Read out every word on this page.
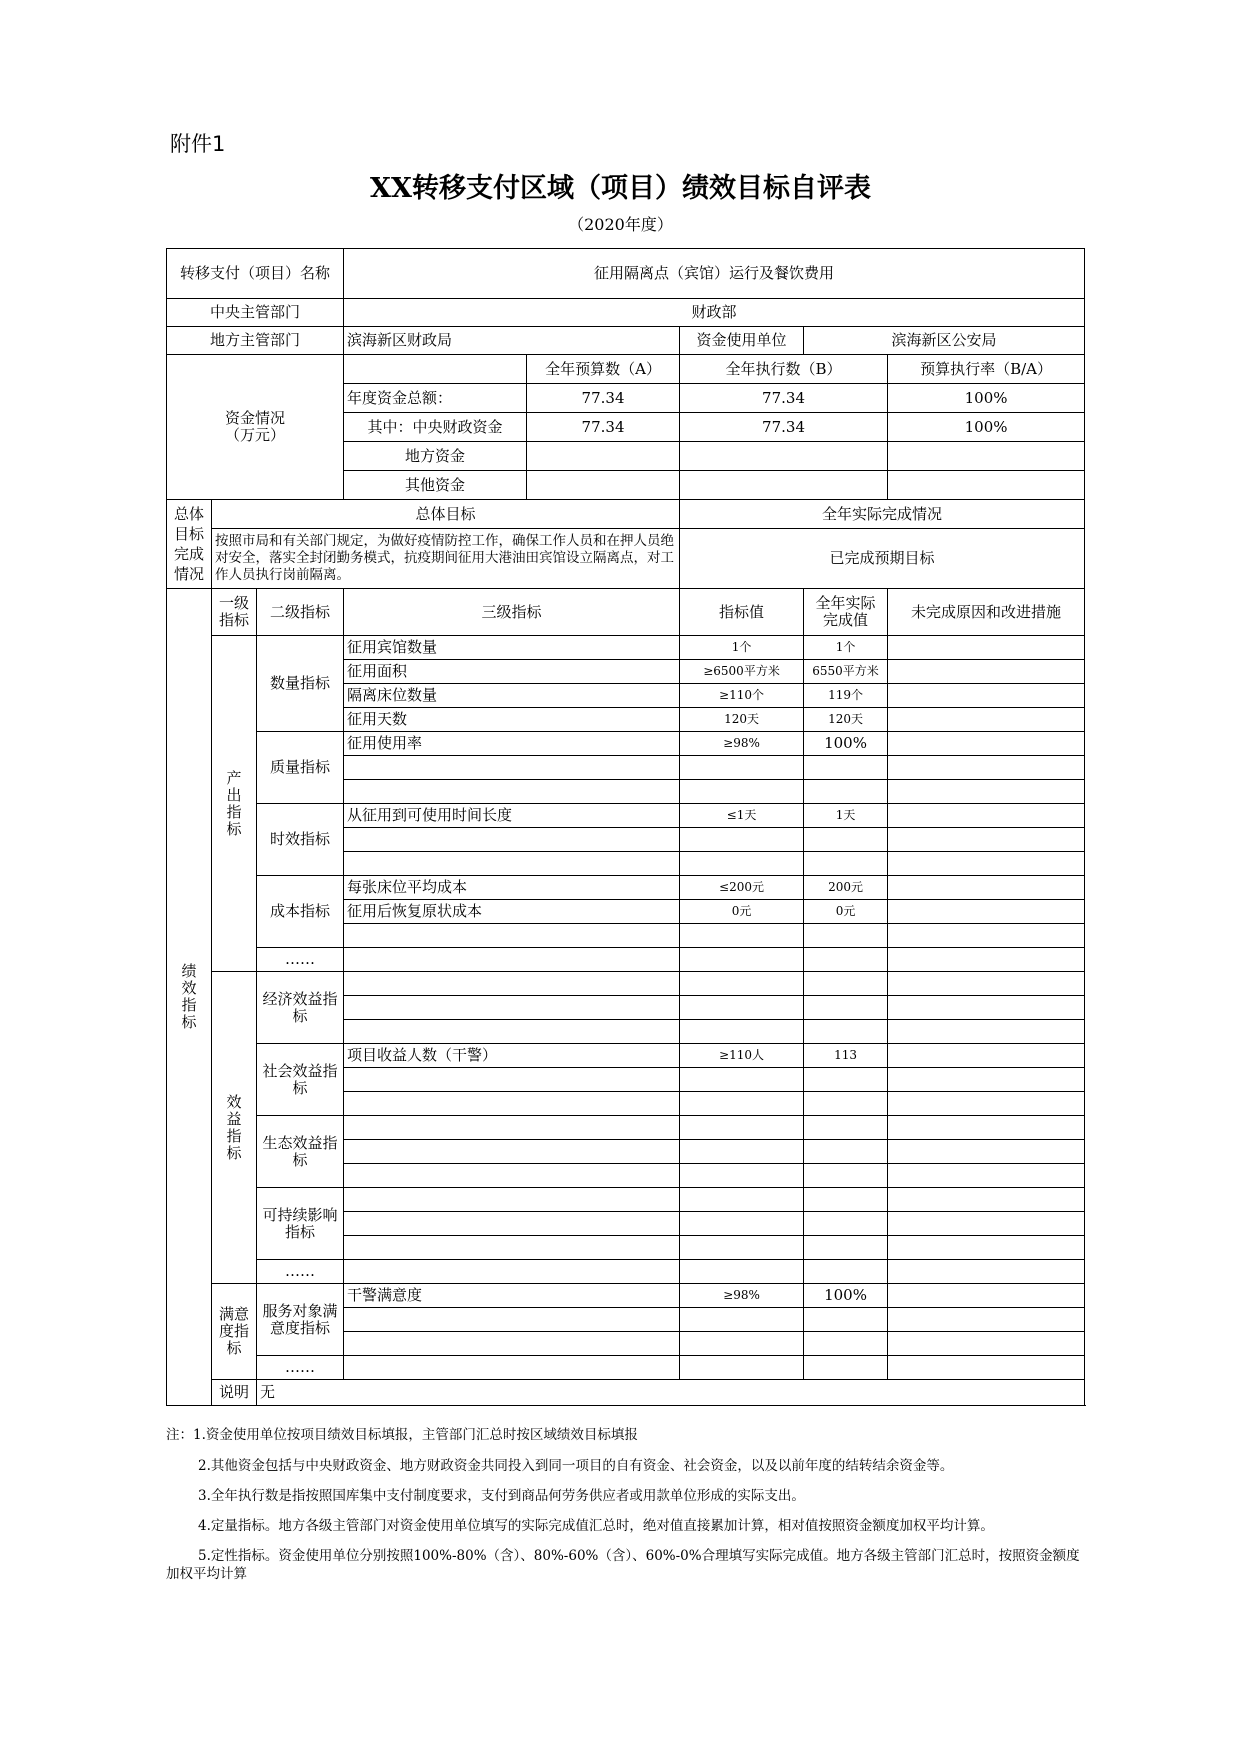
附件1
XX转移支付区域（项目）绩效目标自评表
（2020年度）
转移支付（项目）名称			征用隔离点（宾馆）运行及餐饮费用				
中央主管部门			财政部				
地方主管部门			滨海新区财政局		资金使用单位	滨海新区公安局	

资金情况
（万元）				全年预算数（A）	全年执行数（B）		预算执行率（B/A）
			年度资金总额：	77.34	77.34		100%
			其中：中央财政资金	77.34	77.34		100%
			地方资金				
			其他资金				
总体目标完成情况	总体目标				全年实际完成情况		
	按照市局和有关部门规定，为做好疫情防控工作，确保工作人员和在押人员绝对安全，落实全封闭勤务模式，抗疫期间征用大港油田宾馆设立隔离点，对工作人员执行岗前隔离。				已完成预期目标		
绩效指标	一级指标	二级指标	三级指标		指标值	全年实际完成值	未完成原因和改进措施
	产出指标	数量指标	征用宾馆数量		1个	1个	
			征用面积		≥6500平方米	6550平方米	
			隔离床位数量		≥110个	119个	
			征用天数		120天	120天	
		质量指标	征用使用率		≥98%	100%	

		时效指标	从征用到可使用时间长度		≤1天	1天	

		成本指标	每张床位平均成本		≤200元	200元	
			征用后恢复原状成本		0元	0元	

		……					
	效益指标	经济效益指标					

		社会效益指标	项目收益人数（干警）		≥110人	113	

		生态效益指标					

		可持续影响指标					

		……					
	满意度指标	服务对象满意度指标	干警满意度		≥98%	100%	

		……					
	说明	无					

注：1.资金使用单位按项目绩效目标填报，主管部门汇总时按区域绩效目标填报

2.其他资金包括与中央财政资金、地方财政资金共同投入到同一项目的自有资金、社会资金，以及以前年度的结转结余资金等。

3.全年执行数是指按照国库集中支付制度要求，支付到商品何劳务供应者或用款单位形成的实际支出。

4.定量指标。地方各级主管部门对资金使用单位填写的实际完成值汇总时，绝对值直接累加计算，相对值按照资金额度加权平均计算。

5.定性指标。资金使用单位分别按照100%-80%（含）、80%-60%（含）、60%-0%合理填写实际完成值。地方各级主管部门汇总时，按照资金额度加权平均计算
